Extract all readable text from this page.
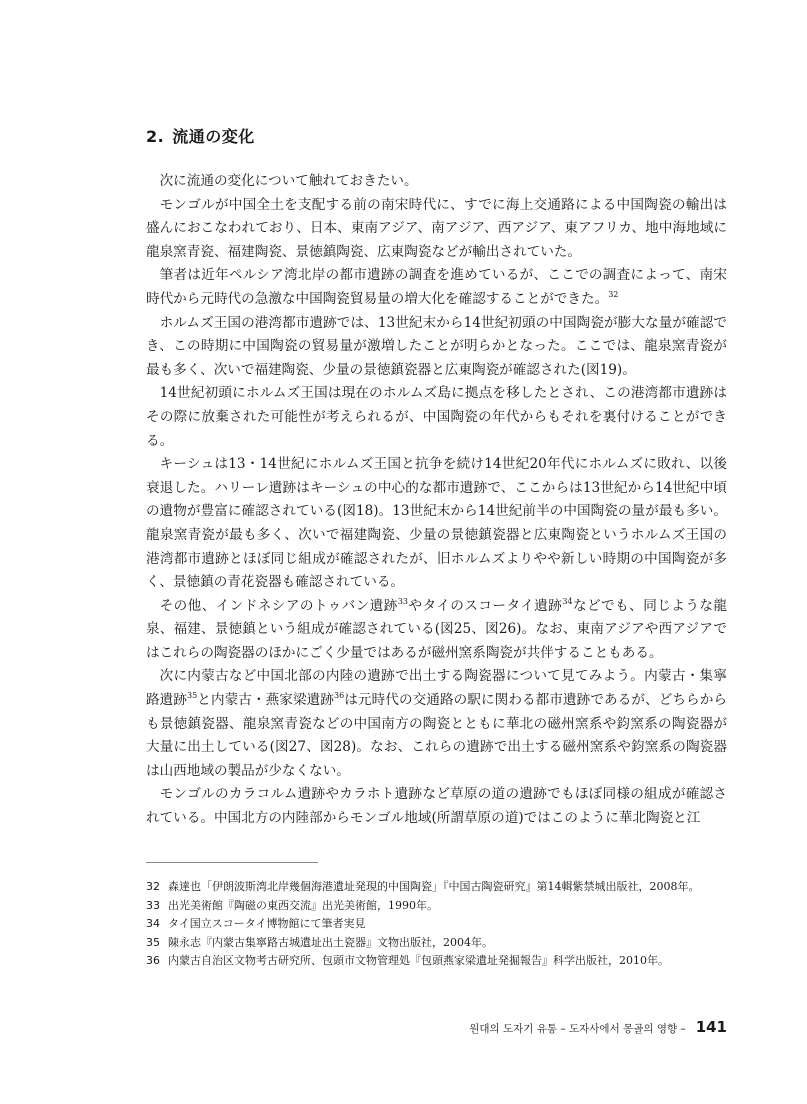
2. 流通の変化

次に流通の変化について触れておきたい。

モンゴルが中国全土を支配する前の南宋時代に、すでに海上交通路による中国陶瓷の輸出は盛んにおこなわれており、日本、東南アジア、南アジア、西アジア、東アフリカ、地中海地域に龍泉窯青瓷、福建陶瓷、景徳鎮陶瓷、広東陶瓷などが輸出されていた。

筆者は近年ペルシア湾北岸の都市遺跡の調査を進めているが、ここでの調査によって、南宋時代から元時代の急激な中国陶瓷貿易量の増大化を確認することができた。$^{32}$

ホルムズ王国の港湾都市遺跡では、13世紀末から14世紀初頭の中国陶瓷が膨大な量が確認でき、この時期に中国陶瓷の貿易量が激増したことが明らかとなった。ここでは、龍泉窯青瓷が最も多く、次いで福建陶瓷、少量の景徳鎮瓷器と広東陶瓷が確認された(図19)。

14世紀初頭にホルムズ王国は現在のホルムズ島に拠点を移したとされ、この港湾都市遺跡はその際に放棄された可能性が考えられるが、中国陶瓷の年代からもそれを裏付けることができる。

キーシュは13・14世紀にホルムズ王国と抗争を続け14世紀20年代にホルムズに敗れ、以後衰退した。ハリーレ遺跡はキーシュの中心的な都市遺跡で、ここからは13世紀から14世紀中頃の遺物が豊富に確認されている(図18)。13世紀末から14世紀前半の中国陶瓷の量が最も多い。龍泉窯青瓷が最も多く、次いで福建陶瓷、少量の景徳鎮瓷器と広東陶瓷というホルムズ王国の港湾都市遺跡とほぼ同じ組成が確認されたが、旧ホルムズよりやや新しい時期の中国陶瓷が多く、景徳鎮の青花瓷器も確認されている。

その他、インドネシアのトゥバン遺跡$^{33}$やタイのスコータイ遺跡$^{34}$などでも、同じような龍泉、福建、景徳鎮という組成が確認されている(図25、図26)。なお、東南アジアや西アジアではこれらの陶瓷器のほかにごく少量ではあるが磁州窯系陶瓷が共伴することもある。

次に内蒙古など中国北部の内陸の遺跡で出土する陶瓷器について見てみよう。内蒙古・集寧路遺跡$^{35}$と内蒙古・燕家梁遺跡$^{36}$は元時代の交通路の駅に関わる都市遺跡であるが、どちらからも景徳鎮瓷器、龍泉窯青瓷などの中国南方の陶瓷とともに華北の磁州窯系や鈞窯系の陶瓷器が大量に出土している(図27、図28)。なお、これらの遺跡で出土する磁州窯系や鈞窯系の陶瓷器は山西地域の製品が少なくない。

モンゴルのカラコルム遺跡やカラホト遺跡など草原の道の遺跡でもほぼ同様の組成が確認されている。中国北方の内陸部からモンゴル地域(所謂草原の道)ではこのように華北陶瓷と江

32 森達也「伊朗波斯湾北岸幾個海港遺址発現的中国陶瓷」『中国古陶瓷研究』第14輯紫禁城出版社，2008年。
33 出光美術館『陶磁の東西交流』出光美術館，1990年。
34 タイ国立スコータイ博物館にて筆者実見
35 陳永志『内蒙古集寧路古城遺址出土瓷器』文物出版社，2004年。
36 内蒙古自治区文物考古研究所、包頭市文物管理処『包頭燕家梁遺址発掘報告』科学出版社，2010年。
원대의 도자기 유통 – 도자사에서 몽골의 영향 – 141
